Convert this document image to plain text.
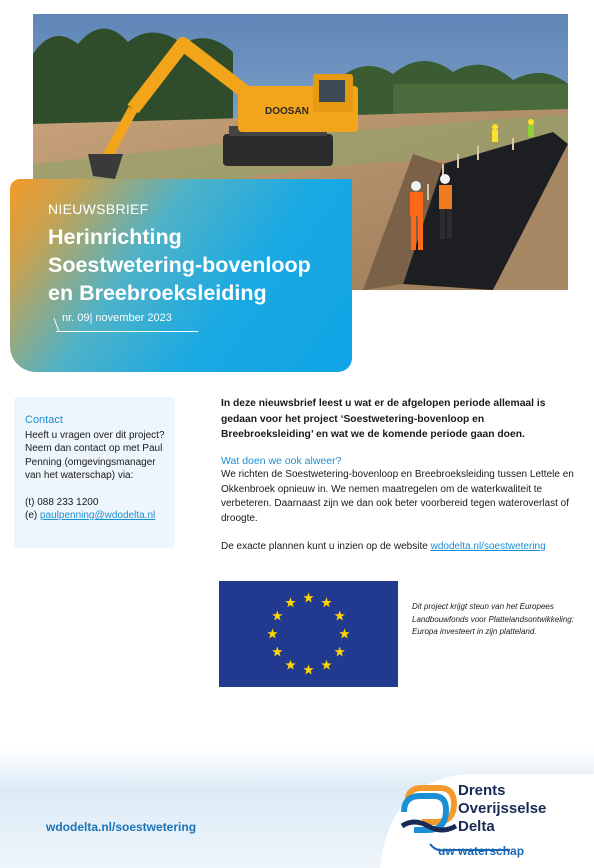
DOOSAN
NIEUWSBRIEF
Herinrichting Soestwetering-bovenloop en Breebroeksleiding
nr. 09| november 2023
Contact
Heeft u vragen over dit project?
Neem dan contact op met Paul
Penning (omgevingsmanager
van het waterschap) via:
(t) 088 233 1200
(e) paulpenning@wdodelta.nl
In deze nieuwsbrief leest u wat er de afgelopen periode allemaal is gedaan voor het project ‘Soestwetering-bovenloop en Breebroeksleiding’ en wat we de komende periode gaan doen.
Wat doen we ook alweer?
We richten de Soestwetering-bovenloop en Breebroeksleiding tussen Lettele en Okkenbroek opnieuw in. We nemen maatregelen om de waterkwaliteit te verbeteren. Daarnaast zijn we dan ook beter voorbereid tegen wateroverlast of droogte.
De exacte plannen kunt u inzien op de website wdodelta.nl/soestwetering
Dit project krijgt steun van het Europees Landbouwfonds voor Plattelandsontwikkeling: Europa investeert in zijn platteland.
wdodelta.nl/soestwetering
Drents
Overijsselse
Delta
uw waterschap
